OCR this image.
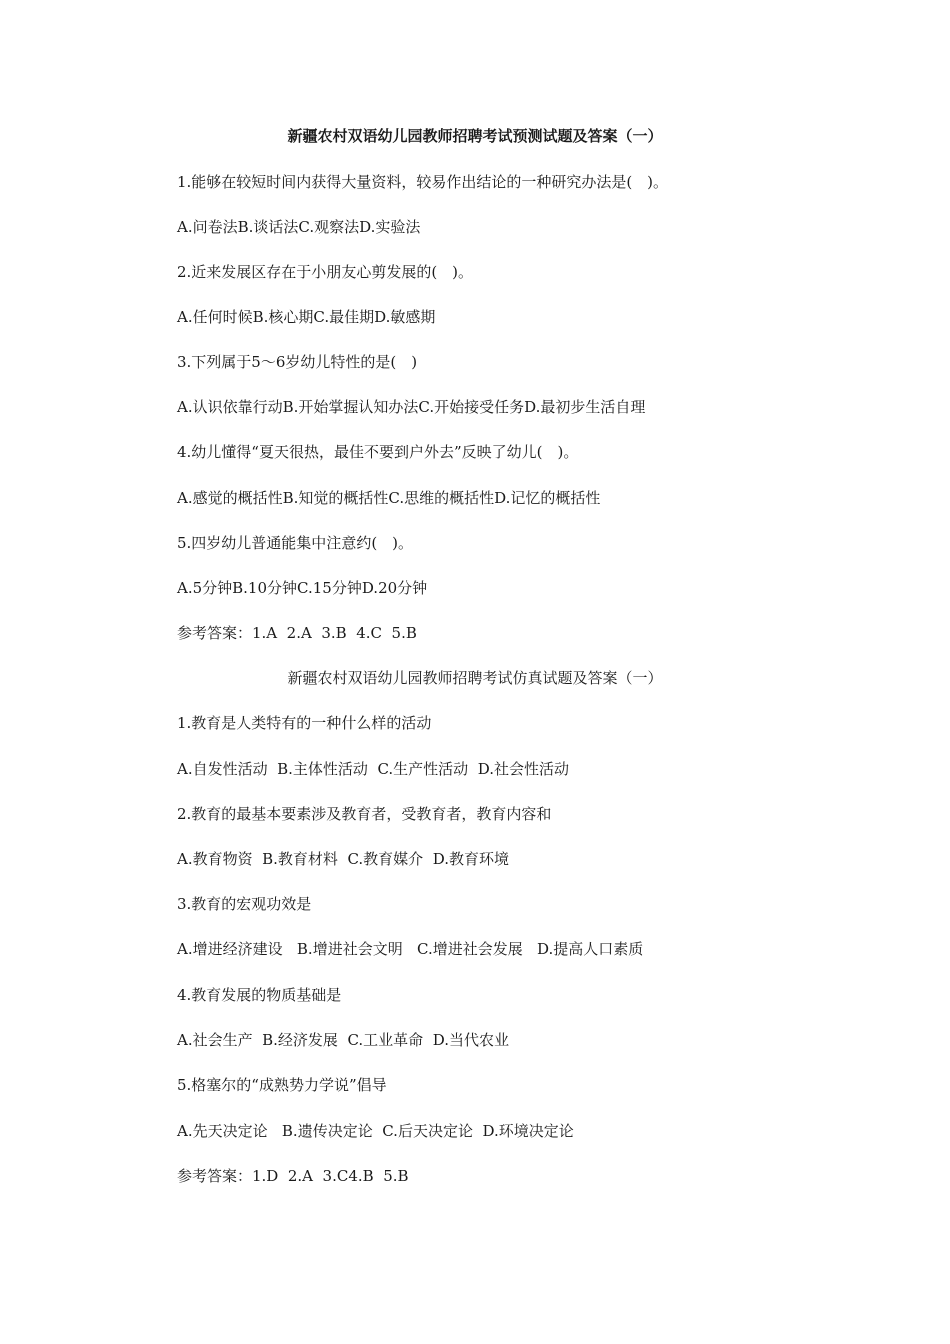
新疆农村双语幼儿园教师招聘考试预测试题及答案（一）
1.能够在较短时间内获得大量资料，较易作出结论的一种研究办法是(　)。
A.问卷法B.谈话法C.观察法D.实验法
2.近来发展区存在于小朋友心剪发展的(　)。
A.任何时候B.核心期C.最佳期D.敏感期
3.下列属于5～6岁幼儿特性的是(　)
A.认识依靠行动B.开始掌握认知办法C.开始接受任务D.最初步生活自理
4.幼儿懂得“夏天很热，最佳不要到户外去”反映了幼儿(　)。
A.感觉的概括性B.知觉的概括性C.思维的概括性D.记忆的概括性
5.四岁幼儿普通能集中注意约(　)。
A.5分钟B.10分钟C.15分钟D.20分钟
参考答案：1.A  2.A  3.B  4.C  5.B
新疆农村双语幼儿园教师招聘考试仿真试题及答案（一）
1.教育是人类特有的一种什么样的活动
A.自发性活动  B.主体性活动  C.生产性活动  D.社会性活动
2.教育的最基本要素涉及教育者，受教育者，教育内容和
A.教育物资  B.教育材料  C.教育媒介  D.教育环境
3.教育的宏观功效是
A.增进经济建设   B.增进社会文明   C.增进社会发展   D.提高人口素质
4.教育发展的物质基础是
A.社会生产  B.经济发展  C.工业革命  D.当代农业
5.格塞尔的“成熟势力学说”倡导
A.先天决定论   B.遗传决定论  C.后天决定论  D.环境决定论
参考答案：1.D  2.A  3.C4.B  5.B
